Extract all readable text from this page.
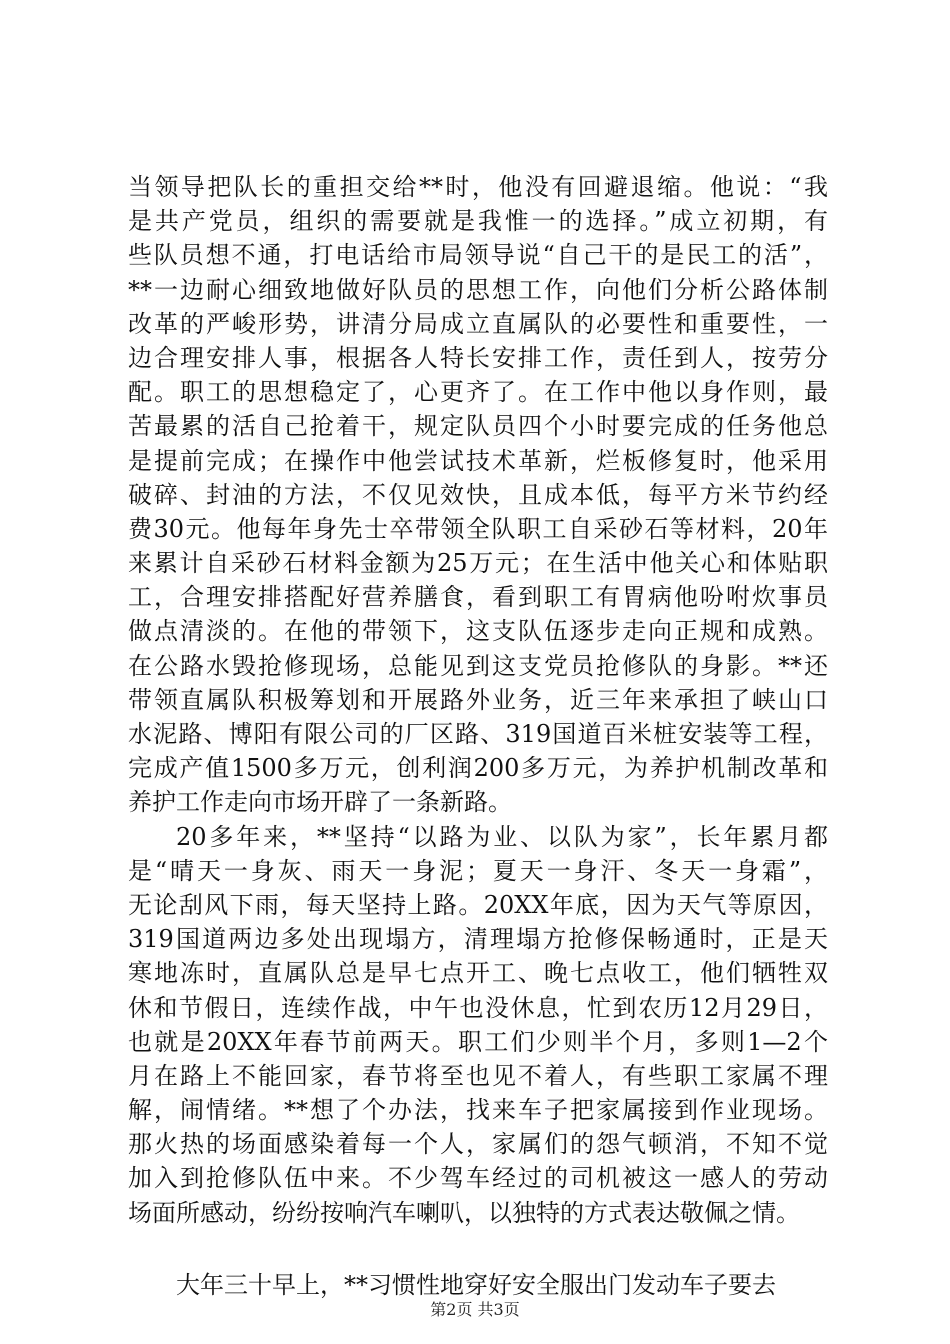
当领导把队长的重担交给**时，他没有回避退缩。他说：“我
是共产党员，组织的需要就是我惟一的选择。”成立初期，有
些队员想不通，打电话给市局领导说“自己干的是民工的活”，
**一边耐心细致地做好队员的思想工作，向他们分析公路体制
改革的严峻形势，讲清分局成立直属队的必要性和重要性，一
边合理安排人事，根据各人特长安排工作，责任到人，按劳分
配。职工的思想稳定了，心更齐了。在工作中他以身作则，最
苦最累的活自己抢着干，规定队员四个小时要完成的任务他总
是提前完成；在操作中他尝试技术革新，烂板修复时，他采用
破碎、封油的方法，不仅见效快，且成本低，每平方米节约经
费30元。他每年身先士卒带领全队职工自采砂石等材料，20年
来累计自采砂石材料金额为25万元；在生活中他关心和体贴职
工，合理安排搭配好营养膳食，看到职工有胃病他吩咐炊事员
做点清淡的。在他的带领下，这支队伍逐步走向正规和成熟。
在公路水毁抢修现场，总能见到这支党员抢修队的身影。**还
带领直属队积极筹划和开展路外业务，近三年来承担了峡山口
水泥路、博阳有限公司的厂区路、319国道百米桩安装等工程，
完成产值1500多万元，创利润200多万元，为养护机制改革和
养护工作走向市场开辟了一条新路。
20多年来，**坚持“以路为业、以队为家”，长年累月都
是“晴天一身灰、雨天一身泥；夏天一身汗、冬天一身霜”，
无论刮风下雨，每天坚持上路。20XX年底，因为天气等原因，
319国道两边多处出现塌方，清理塌方抢修保畅通时，正是天
寒地冻时，直属队总是早七点开工、晚七点收工，他们牺牲双
休和节假日，连续作战，中午也没休息，忙到农历12月29日，
也就是20XX年春节前两天。职工们少则半个月，多则1—2个
月在路上不能回家，春节将至也见不着人，有些职工家属不理
解，闹情绪。**想了个办法，找来车子把家属接到作业现场。
那火热的场面感染着每一个人，家属们的怨气顿消，不知不觉
加入到抢修队伍中来。不少驾车经过的司机被这一感人的劳动
场面所感动，纷纷按响汽车喇叭，以独特的方式表达敬佩之情。
大年三十早上，**习惯性地穿好安全服出门发动车子要去
第2页 共3页
